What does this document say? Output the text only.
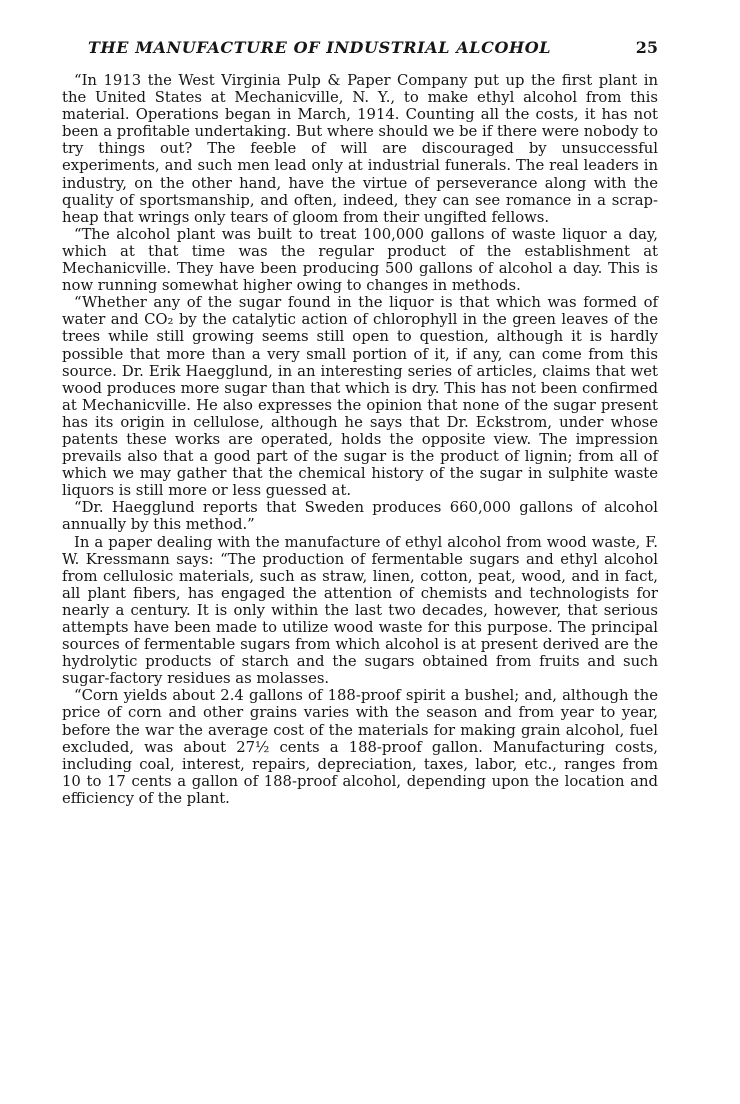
THE MANUFACTURE OF INDUSTRIAL ALCOHOL	25

“In 1913 the West Virginia Pulp & Paper Company put up the first plant in the United States at Mechanicville, N. Y., to make ethyl alcohol from this material. Operations began in March, 1914. Counting all the costs, it has not been a profitable undertaking. But where should we be if there were nobody to try things out? The feeble of will are discouraged by unsuccessful experiments, and such men lead only at industrial funerals. The real leaders in industry, on the other hand, have the virtue of perseverance along with the quality of sportsmanship, and often, indeed, they can see romance in a scrap-heap that wrings only tears of gloom from their ungifted fellows.

“The alcohol plant was built to treat 100,000 gallons of waste liquor a day, which at that time was the regular product of the establishment at Mechanicville. They have been producing 500 gallons of alcohol a day. This is now running somewhat higher owing to changes in methods.

“Whether any of the sugar found in the liquor is that which was formed of water and CO₂ by the catalytic action of chlorophyll in the green leaves of the trees while still growing seems still open to question, although it is hardly possible that more than a very small portion of it, if any, can come from this source. Dr. Erik Haegglund, in an interesting series of articles, claims that wet wood produces more sugar than that which is dry. This has not been confirmed at Mechanicville. He also expresses the opinion that none of the sugar present has its origin in cellulose, although he says that Dr. Eckstrom, under whose patents these works are operated, holds the opposite view. The impression prevails also that a good part of the sugar is the product of lignin; from all of which we may gather that the chemical history of the sugar in sulphite waste liquors is still more or less guessed at.

“Dr. Haegglund reports that Sweden produces 660,000 gallons of alcohol annually by this method.”

In a paper dealing with the manufacture of ethyl alcohol from wood waste, F. W. Kressmann says: “The production of fermentable sugars and ethyl alcohol from cellulosic materials, such as straw, linen, cotton, peat, wood, and in fact, all plant fibers, has engaged the attention of chemists and technologists for nearly a century. It is only within the last two decades, however, that serious attempts have been made to utilize wood waste for this purpose. The principal sources of fermentable sugars from which alcohol is at present derived are the hydrolytic products of starch and the sugars obtained from fruits and such sugar-factory residues as molasses.

“Corn yields about 2.4 gallons of 188-proof spirit a bushel; and, although the price of corn and other grains varies with the season and from year to year, before the war the average cost of the materials for making grain alcohol, fuel excluded, was about 27½ cents a 188-proof gallon. Manufacturing costs, including coal, interest, repairs, depreciation, taxes, labor, etc., ranges from 10 to 17 cents a gallon of 188-proof alcohol, depending upon the location and efficiency of the plant.
